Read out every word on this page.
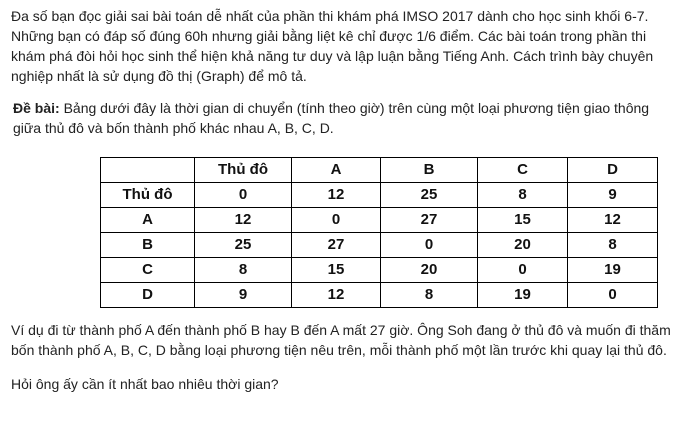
Đa số bạn đọc giải sai bài toán dễ nhất của phần thi khám phá IMSO 2017 dành cho học sinh khối 6-7. Những bạn có đáp số đúng 60h nhưng giải bằng liệt kê chỉ được 1/6 điểm. Các bài toán trong phần thi khám phá đòi hỏi học sinh thể hiện khả năng tư duy và lập luận bằng Tiếng Anh. Cách trình bày chuyên nghiệp nhất là sử dụng đồ thị (Graph) để mô tả.

Đề bài: Bảng dưới đây là thời gian di chuyển (tính theo giờ) trên cùng một loại phương tiện giao thông giữa thủ đô và bốn thành phố khác nhau A, B, C, D.

	Thủ đô	A	B	C	D
Thủ đô	0	12	25	8	9
A	12	0	27	15	12
B	25	27	0	20	8
C	8	15	20	0	19
D	9	12	8	19	0

Ví dụ đi từ thành phố A đến thành phố B hay B đến A mất 27 giờ. Ông Soh đang ở thủ đô và muốn đi thăm bốn thành phố A, B, C, D bằng loại phương tiện nêu trên, mỗi thành phố một lần trước khi quay lại thủ đô.

Hỏi ông ấy cần ít nhất bao nhiêu thời gian?
